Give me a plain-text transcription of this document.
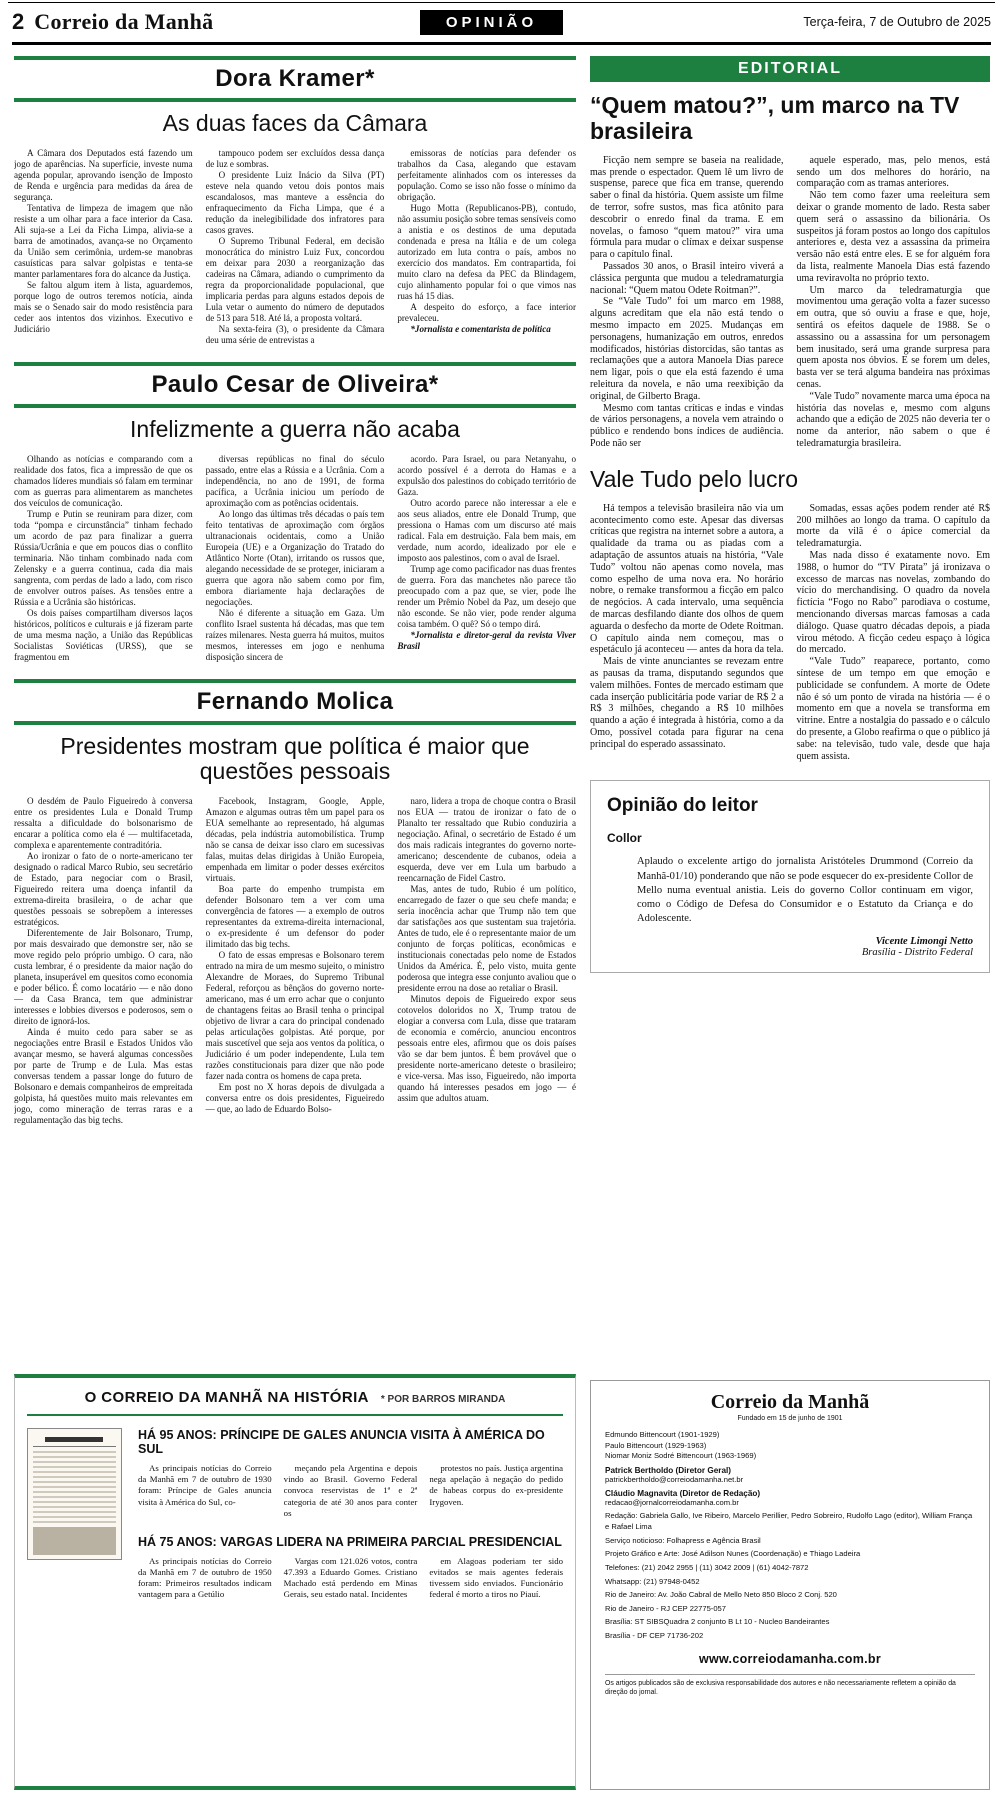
2 Correio da Manhã	OPINIÃO	Terça-feira, 7 de Outubro de 2025
Dora Kramer*
As duas faces da Câmara

A Câmara dos Deputados está fazendo um jogo de aparências. Na superfície, investe numa agenda popular, aprovando isenção de Imposto de Renda e urgência para medidas da área de segurança.

Tentativa de limpeza de imagem que não resiste a um olhar para a face interior da Casa. Ali suja-se a Lei da Ficha Limpa, alivia-se a barra de amotinados, avança-se no Orçamento da União sem cerimônia, urdem-se manobras casuísticas para salvar golpistas e tenta-se manter parlamentares fora do alcance da Justiça.

Se faltou algum item à lista, aguardemos, porque logo de outros teremos notícia, ainda mais se o Senado sair do modo resistência para ceder aos intentos dos vizinhos. Executivo e Judiciário

tampouco podem ser excluídos dessa dança de luz e sombras.

O presidente Luiz Inácio da Silva (PT) esteve nela quando vetou dois pontos mais escandalosos, mas manteve a essência do enfraquecimento da Ficha Limpa, que é a redução da inelegibilidade dos infratores para casos graves.

O Supremo Tribunal Federal, em decisão monocrática do ministro Luiz Fux, concordou em deixar para 2030 a reorganização das cadeiras na Câmara, adiando o cumprimento da regra da proporcionalidade populacional, que implicaria perdas para alguns estados depois de Lula vetar o aumento do número de deputados de 513 para 518. Até lá, a proposta voltará.

Na sexta-feira (3), o presidente da Câmara deu uma série de entrevistas a

emissoras de notícias para defender os trabalhos da Casa, alegando que estavam perfeitamente alinhados com os interesses da população. Como se isso não fosse o mínimo da obrigação.

Hugo Motta (Republicanos-PB), contudo, não assumiu posição sobre temas sensíveis como a anistia e os destinos de uma deputada condenada e presa na Itália e de um colega autorizado em luta contra o país, ambos no exercício dos mandatos. Em contrapartida, foi muito claro na defesa da PEC da Blindagem, cujo alinhamento popular foi o que vimos nas ruas há 15 dias.

A despeito do esforço, a face interior prevaleceu.

*Jornalista e comentarista de política

Paulo Cesar de Oliveira*
Infelizmente a guerra não acaba

Olhando as notícias e comparando com a realidade dos fatos, fica a impressão de que os chamados líderes mundiais só falam em terminar com as guerras para alimentarem as manchetes dos veículos de comunicação.

Trump e Putin se reuniram para dizer, com toda “pompa e circunstância” tinham fechado um acordo de paz para finalizar a guerra Rússia/Ucrânia e que em poucos dias o conflito terminaria. Não tinham combinado nada com Zelensky e a guerra continua, cada dia mais sangrenta, com perdas de lado a lado, com risco de envolver outros países. As tensões entre a Rússia e a Ucrânia são históricas.

Os dois países compartilham diversos laços históricos, políticos e culturais e já fizeram parte de uma mesma nação, a União das Repúblicas Socialistas Soviéticas (URSS), que se fragmentou em

diversas repúblicas no final do século passado, entre elas a Rússia e a Ucrânia. Com a independência, no ano de 1991, de forma pacífica, a Ucrânia iniciou um período de aproximação com as potências ocidentais.

Ao longo das últimas três décadas o país tem feito tentativas de aproximação com órgãos ultranacionais ocidentais, como a União Europeia (UE) e a Organização do Tratado do Atlântico Norte (Otan), irritando os russos que, alegando necessidade de se proteger, iniciaram a guerra que agora não sabem como por fim, embora diariamente haja declarações de negociações.

Não é diferente a situação em Gaza. Um conflito Israel sustenta há décadas, mas que tem raízes milenares. Nesta guerra há muitos, muitos mesmos, interesses em jogo e nenhuma disposição sincera de

acordo. Para Israel, ou para Netanyahu, o acordo possível é a derrota do Hamas e a expulsão dos palestinos do cobiçado território de Gaza.

Outro acordo parece não interessar a ele e aos seus aliados, entre ele Donald Trump, que pressiona o Hamas com um discurso até mais radical. Fala em destruição. Fala bem mais, em verdade, num acordo, idealizado por ele e imposto aos palestinos, com o aval de Israel.

Trump age como pacificador nas duas frentes de guerra. Fora das manchetes não parece tão preocupado com a paz que, se vier, pode lhe render um Prêmio Nobel da Paz, um desejo que não esconde. Se não vier, pode render alguma coisa também. O quê? Só o tempo dirá.

*Jornalista e diretor-geral da revista Viver Brasil

Fernando Molica
Presidentes mostram que política é maior que questões pessoais

O desdém de Paulo Figueiredo à conversa entre os presidentes Lula e Donald Trump ressalta a dificuldade do bolsonarismo de encarar a política como ela é — multifacetada, complexa e aparentemente contraditória.

Ao ironizar o fato de o norte-americano ter designado o radical Marco Rubio, seu secretário de Estado, para negociar com o Brasil, Figueiredo reitera uma doença infantil da extrema-direita brasileira, o de achar que questões pessoais se sobrepõem a interesses estratégicos.

Diferentemente de Jair Bolsonaro, Trump, por mais desvairado que demonstre ser, não se move regido pelo próprio umbigo. O cara, não custa lembrar, é o presidente da maior nação do planeta, insuperável em quesitos como economia e poder bélico. É como locatário — e não dono — da Casa Branca, tem que administrar interesses e lobbies diversos e poderosos, sem o direito de ignorá-los.

Ainda é muito cedo para saber se as negociações entre Brasil e Estados Unidos vão avançar mesmo, se haverá algumas concessões por parte de Trump e de Lula. Mas estas conversas tendem a passar longe do futuro de Bolsonaro e demais companheiros de empreitada golpista, há questões muito mais relevantes em jogo, como mineração de terras raras e a regulamentação das big techs.

Facebook, Instagram, Google, Apple, Amazon e algumas outras têm um papel para os EUA semelhante ao representado, há algumas décadas, pela indústria automobilística. Trump não se cansa de deixar isso claro em sucessivas falas, muitas delas dirigidas à União Europeia, empenhada em limitar o poder desses exércitos virtuais.

Boa parte do empenho trumpista em defender Bolsonaro tem a ver com uma convergência de fatores — a exemplo de outros representantes da extrema-direita internacional, o ex-presidente é um defensor do poder ilimitado das big techs.

O fato de essas empresas e Bolsonaro terem entrado na mira de um mesmo sujeito, o ministro Alexandre de Moraes, do Supremo Tribunal Federal, reforçou as bênçãos do governo norte-americano, mas é um erro achar que o conjunto de chantagens feitas ao Brasil tenha o principal objetivo de livrar a cara do principal condenado pelas articulações golpistas. Até porque, por mais suscetível que seja aos ventos da política, o Judiciário é um poder independente, Lula tem razões constitucionais para dizer que não pode fazer nada contra os homens de capa preta.

Em post no X horas depois de divulgada a conversa entre os dois presidentes, Figueiredo — que, ao lado de Eduardo Bolso-

naro, lidera a tropa de choque contra o Brasil nos EUA — tratou de ironizar o fato de o Planalto ter ressaltado que Rubio conduziria a negociação. Afinal, o secretário de Estado é um dos mais radicais integrantes do governo norte-americano; descendente de cubanos, odeia a esquerda, deve ver em Lula um barbudo a reencarnação de Fidel Castro.

Mas, antes de tudo, Rubio é um político, encarregado de fazer o que seu chefe manda; e seria inocência achar que Trump não tem que dar satisfações aos que sustentam sua trajetória. Antes de tudo, ele é o representante maior de um conjunto de forças políticas, econômicas e institucionais conectadas pelo nome de Estados Unidos da América. É, pelo visto, muita gente poderosa que integra esse conjunto avaliou que o presidente errou na dose ao retaliar o Brasil.

Minutos depois de Figueiredo expor seus cotovelos doloridos no X, Trump tratou de elogiar a conversa com Lula, disse que trataram de economia e comércio, anunciou encontros pessoais entre eles, afirmou que os dois países vão se dar bem juntos. É bem provável que o presidente norte-americano deteste o brasileiro; e vice-versa. Mas isso, Figueiredo, não importa quando há interesses pesados em jogo — é assim que adultos atuam.

EDITORIAL
“Quem matou?”, um marco na TV brasileira

Ficção nem sempre se baseia na realidade, mas prende o espectador. Quem lê um livro de suspense, parece que fica em transe, querendo saber o final da história. Quem assiste um filme de terror, sofre sustos, mas fica atônito para descobrir o enredo final da trama. E em novelas, o famoso “quem matou?” vira uma fórmula para mudar o clímax e deixar suspense para o capítulo final.

Passados 30 anos, o Brasil inteiro viverá a clássica pergunta que mudou a teledramaturgia nacional: “Quem matou Odete Roitman?”.

Se “Vale Tudo” foi um marco em 1988, alguns acreditam que ela não está tendo o mesmo impacto em 2025. Mudanças em personagens, humanização em outros, enredos modificados, histórias distorcidas, são tantas as reclamações que a autora Manoela Dias parece nem ligar, pois o que ela está fazendo é uma releitura da novela, e não uma reexibição da original, de Gilberto Braga.

Mesmo com tantas críticas e indas e vindas de vários personagens, a novela vem atraindo o público e rendendo bons índices de audiência. Pode não ser

aquele esperado, mas, pelo menos, está sendo um dos melhores do horário, na comparação com as tramas anteriores.

Não tem como fazer uma reeleitura sem deixar o grande momento de lado. Resta saber quem será o assassino da bilionária. Os suspeitos já foram postos ao longo dos capítulos anteriores e, desta vez a assassina da primeira versão não está entre eles. E se for alguém fora da lista, realmente Manoela Dias está fazendo uma reviravolta no próprio texto.

Um marco da teledramaturgia que movimentou uma geração volta a fazer sucesso em outra, que só ouviu a frase e que, hoje, sentirá os efeitos daquele de 1988. Se o assassino ou a assassina for um personagem bem inusitado, será uma grande surpresa para quem aposta nos óbvios. E se forem um deles, basta ver se terá alguma bandeira nas próximas cenas.

“Vale Tudo” novamente marca uma época na história das novelas e, mesmo com alguns achando que a edição de 2025 não deveria ter o nome da anterior, não sabem o que é teledramaturgia brasileira.

Vale Tudo pelo lucro

Há tempos a televisão brasileira não via um acontecimento como este. Apesar das diversas críticas que registra na internet sobre a autora, a qualidade da trama ou as piadas com a adaptação de assuntos atuais na história, “Vale Tudo” voltou não apenas como novela, mas como espelho de uma nova era. No horário nobre, o remake transformou a ficção em palco de negócios. A cada intervalo, uma sequência de marcas desfilando diante dos olhos de quem aguarda o desfecho da morte de Odete Roitman. O capítulo ainda nem começou, mas o espetáculo já aconteceu — antes da hora da tela.

Mais de vinte anunciantes se revezam entre as pausas da trama, disputando segundos que valem milhões. Fontes de mercado estimam que cada inserção publicitária pode variar de R$ 2 a R$ 3 milhões, chegando a R$ 10 milhões quando a ação é integrada à história, como a da Omo, possível cotada para figurar na cena principal do esperado assassinato.

Somadas, essas ações podem render até R$ 200 milhões ao longo da trama. O capítulo da morte da vilã é o ápice comercial da teledramaturgia.

Mas nada disso é exatamente novo. Em 1988, o humor do “TV Pirata” já ironizava o excesso de marcas nas novelas, zombando do vício do merchandising. O quadro da novela fictícia “Fogo no Rabo” parodiava o costume, mencionando diversas marcas famosas a cada diálogo. Quase quatro décadas depois, a piada virou método. A ficção cedeu espaço à lógica do mercado.

“Vale Tudo” reaparece, portanto, como síntese de um tempo em que emoção e publicidade se confundem. A morte de Odete não é só um ponto de virada na história — é o momento em que a novela se transforma em vitrine. Entre a nostalgia do passado e o cálculo do presente, a Globo reafirma o que o público já sabe: na televisão, tudo vale, desde que haja quem assista.

Opinião do leitor
Collor

Aplaudo o excelente artigo do jornalista Aristóteles Drummond (Correio da Manhã-01/10) ponderando que não se pode esquecer do ex-presidente Collor de Mello numa eventual anistia. Leis do governo Collor continuam em vigor, como o Código de Defesa do Consumidor e o Estatuto da Criança e do Adolescente.

Vicente Limongi Netto
Brasília - Distrito Federal
Correio da Manhã
Fundado em 15 de junho de 1901
Edmundo Bittencourt (1901-1929)
Paulo Bittencourt (1929-1963)
Niomar Moniz Sodré Bittencourt (1963-1969)
Patrick Bertholdo (Diretor Geral)
patrickbertholdo@correiodamanha.net.br
Cláudio Magnavita (Diretor de Redação)
redacao@jornalcorreiodamanha.com.br
Redação: Gabriela Gallo, Ive Ribeiro, Marcelo Perillier, Pedro Sobreiro, Rudolfo Lago (editor), William França e Rafael Lima
Serviço noticioso: Folhapress e Agência Brasil
Projeto Gráfico e Arte: José Adilson Nunes (Coordenação) e Thiago Ladeira
Telefones: (21) 2042 2955 | (11) 3042 2009 | (61) 4042-7872
Whatsapp: (21) 97948-0452
Rio de Janeiro: Av. João Cabral de Mello Neto 850 Bloco 2 Conj. 520
Rio de Janeiro - RJ CEP 22775-057
Brasília: ST SIBSQuadra 2 conjunto B Lt 10 - Nucleo Bandeirantes
Brasília - DF CEP 71736-202
www.correiodamanha.com.br
Os artigos publicados são de exclusiva responsabilidade dos autores e não necessariamente refletem a opinião da direção do jornal.
O CORREIO DA MANHÃ NA HISTÓRIA * POR BARROS MIRANDA
HÁ 95 ANOS: PRÍNCIPE DE GALES ANUNCIA VISITA À AMÉRICA DO SUL

As principais notícias do Correio da Manhã em 7 de outubro de 1930 foram: Príncipe de Gales anuncia visita à América do Sul, co-

meçando pela Argentina e depois vindo ao Brasil. Governo Federal convoca reservistas de 1ª e 2ª categoria de até 30 anos para conter os

protestos no país. Justiça argentina nega apelação à negação do pedido de habeas corpus do ex-presidente Irygoven.

HÁ 75 ANOS: VARGAS LIDERA NA PRIMEIRA PARCIAL PRESIDENCIAL

As principais notícias do Correio da Manhã em 7 de outubro de 1950 foram: Primeiros resultados indicam vantagem para a Getúlio

Vargas com 121.026 votos, contra 47.393 a Eduardo Gomes. Cristiano Machado está perdendo em Minas Gerais, seu estado natal. Incidentes

em Alagoas poderiam ter sido evitados se mais agentes federais tivessem sido enviados. Funcionário federal é morto a tiros no Piauí.
